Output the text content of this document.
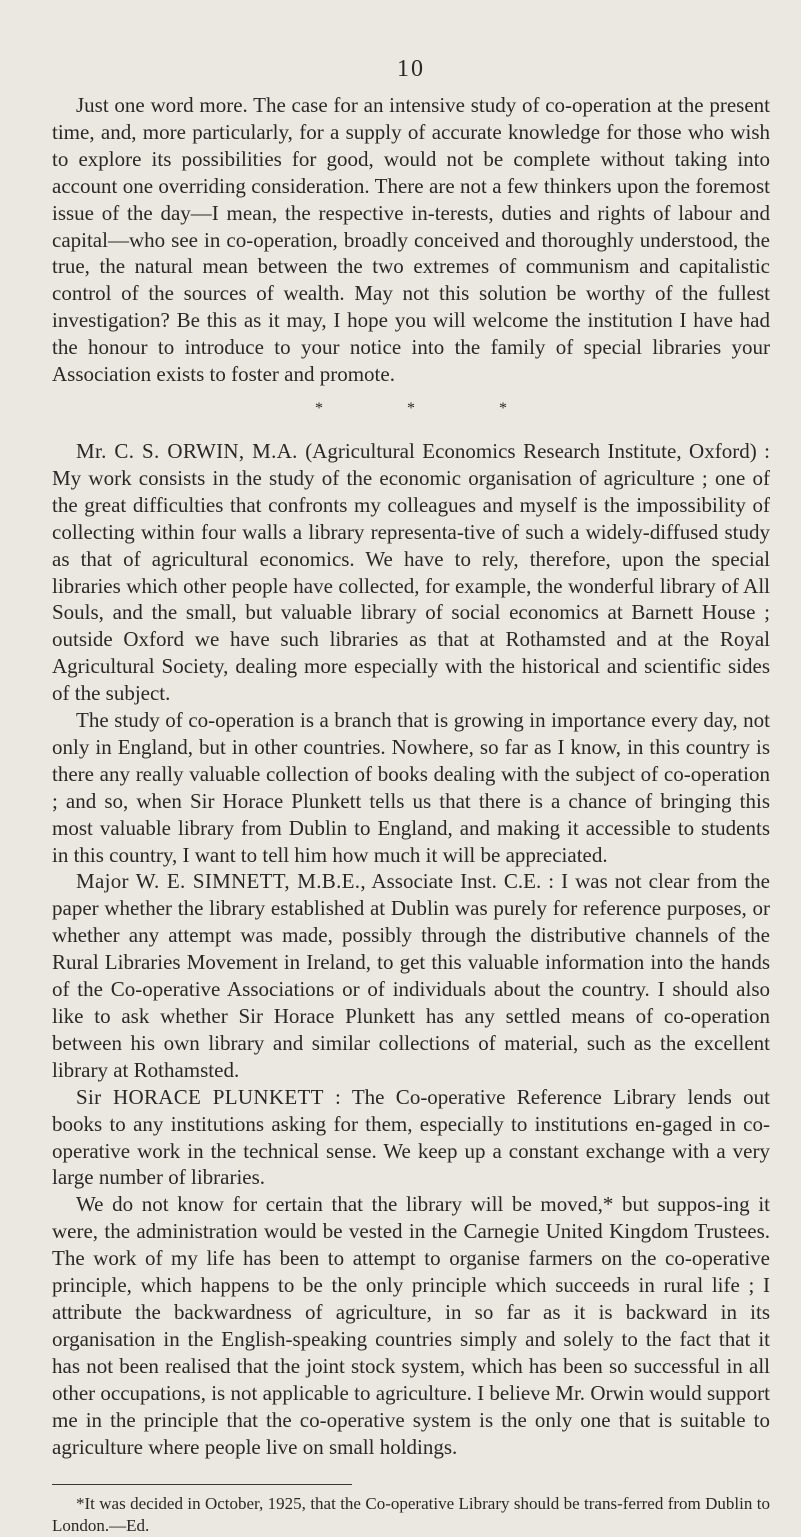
10

Just one word more. The case for an intensive study of co-operation at the present time, and, more particularly, for a supply of accurate knowledge for those who wish to explore its possibilities for good, would not be complete without taking into account one overriding consideration. There are not a few thinkers upon the foremost issue of the day—I mean, the respective in-terests, duties and rights of labour and capital—who see in co-operation, broadly conceived and thoroughly understood, the true, the natural mean between the two extremes of communism and capitalistic control of the sources of wealth. May not this solution be worthy of the fullest investigation? Be this as it may, I hope you will welcome the institution I have had the honour to introduce to your notice into the family of special libraries your Association exists to foster and promote.

* * *

Mr. C. S. ORWIN, M.A. (Agricultural Economics Research Institute, Oxford) : My work consists in the study of the economic organisation of agriculture ; one of the great difficulties that confronts my colleagues and myself is the impossibility of collecting within four walls a library representa-tive of such a widely-diffused study as that of agricultural economics. We have to rely, therefore, upon the special libraries which other people have collected, for example, the wonderful library of All Souls, and the small, but valuable library of social economics at Barnett House ; outside Oxford we have such libraries as that at Rothamsted and at the Royal Agricultural Society, dealing more especially with the historical and scientific sides of the subject.

The study of co-operation is a branch that is growing in importance every day, not only in England, but in other countries. Nowhere, so far as I know, in this country is there any really valuable collection of books dealing with the subject of co-operation ; and so, when Sir Horace Plunkett tells us that there is a chance of bringing this most valuable library from Dublin to England, and making it accessible to students in this country, I want to tell him how much it will be appreciated.

Major W. E. SIMNETT, M.B.E., Associate Inst. C.E. : I was not clear from the paper whether the library established at Dublin was purely for reference purposes, or whether any attempt was made, possibly through the distributive channels of the Rural Libraries Movement in Ireland, to get this valuable information into the hands of the Co-operative Associations or of individuals about the country. I should also like to ask whether Sir Horace Plunkett has any settled means of co-operation between his own library and similar collections of material, such as the excellent library at Rothamsted.

Sir HORACE PLUNKETT : The Co-operative Reference Library lends out books to any institutions asking for them, especially to institutions en-gaged in co-operative work in the technical sense. We keep up a constant exchange with a very large number of libraries.

We do not know for certain that the library will be moved,* but suppos-ing it were, the administration would be vested in the Carnegie United Kingdom Trustees. The work of my life has been to attempt to organise farmers on the co-operative principle, which happens to be the only principle which succeeds in rural life ; I attribute the backwardness of agriculture, in so far as it is backward in its organisation in the English-speaking countries simply and solely to the fact that it has not been realised that the joint stock system, which has been so successful in all other occupations, is not applicable to agriculture. I believe Mr. Orwin would support me in the principle that the co-operative system is the only one that is suitable to agriculture where people live on small holdings.

*It was decided in October, 1925, that the Co-operative Library should be trans-ferred from Dublin to London.—Ed.
